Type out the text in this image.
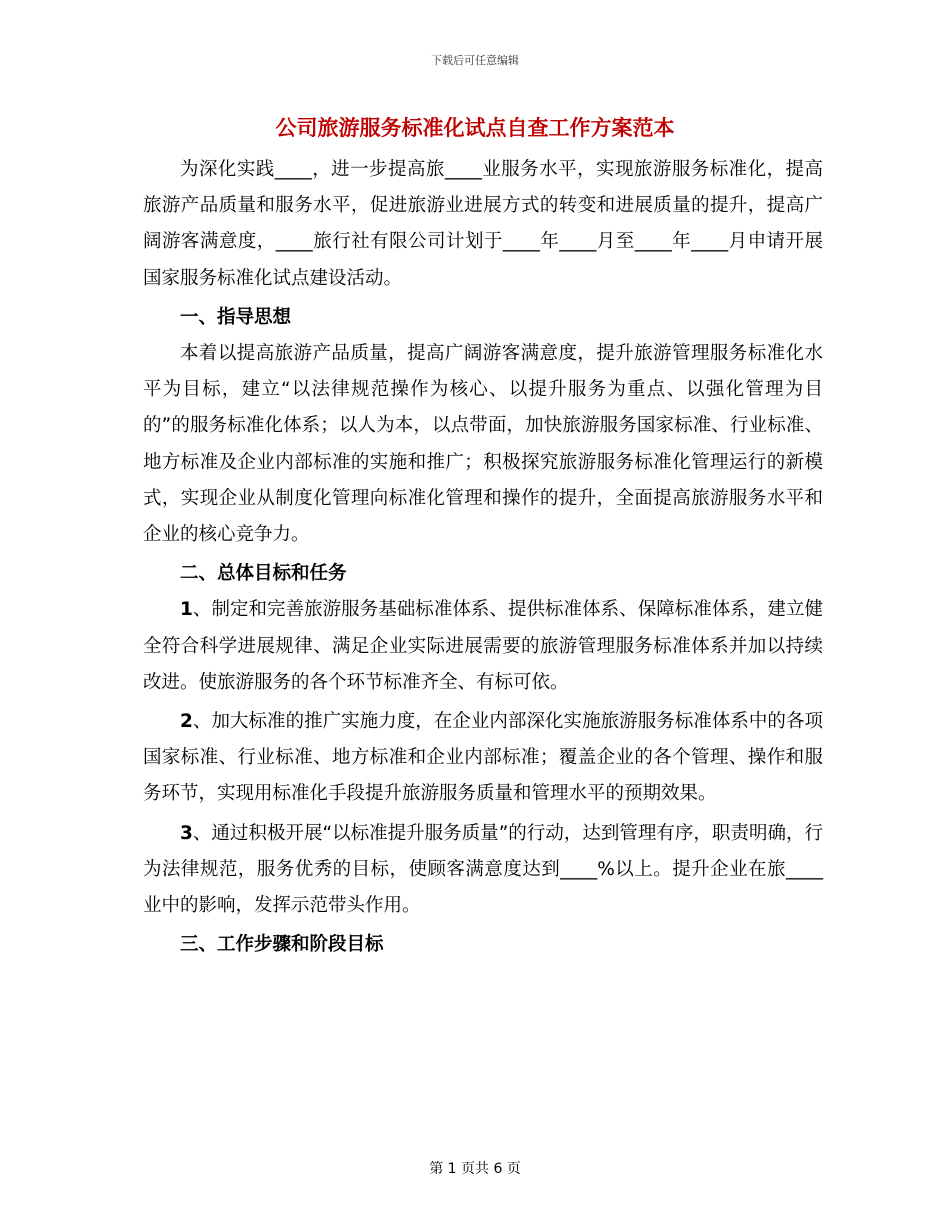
下载后可任意编辑
公司旅游服务标准化试点自查工作方案范本

为深化实践____，进一步提高旅____业服务水平，实现旅游服务标准化，提高旅游产品质量和服务水平，促进旅游业进展方式的转变和进展质量的提升，提高广阔游客满意度，____旅行社有限公司计划于____年____月至____年____月申请开展国家服务标准化试点建设活动。

一、指导思想

本着以提高旅游产品质量，提高广阔游客满意度，提升旅游管理服务标准化水平为目标，建立“以法律规范操作为核心、以提升服务为重点、以强化管理为目的”的服务标准化体系；以人为本，以点带面，加快旅游服务国家标准、行业标准、地方标准及企业内部标准的实施和推广；积极探究旅游服务标准化管理运行的新模式，实现企业从制度化管理向标准化管理和操作的提升，全面提高旅游服务水平和企业的核心竞争力。

二、总体目标和任务

1、制定和完善旅游服务基础标准体系、提供标准体系、保障标准体系，建立健全符合科学进展规律、满足企业实际进展需要的旅游管理服务标准体系并加以持续改进。使旅游服务的各个环节标准齐全、有标可依。

2、加大标准的推广实施力度，在企业内部深化实施旅游服务标准体系中的各项国家标准、行业标准、地方标准和企业内部标准；覆盖企业的各个管理、操作和服务环节，实现用标准化手段提升旅游服务质量和管理水平的预期效果。

3、通过积极开展“以标准提升服务质量”的行动，达到管理有序，职责明确，行为法律规范，服务优秀的目标，使顾客满意度达到____%以上。提升企业在旅____业中的影响，发挥示范带头作用。

三、工作步骤和阶段目标
第 1 页共 6 页
